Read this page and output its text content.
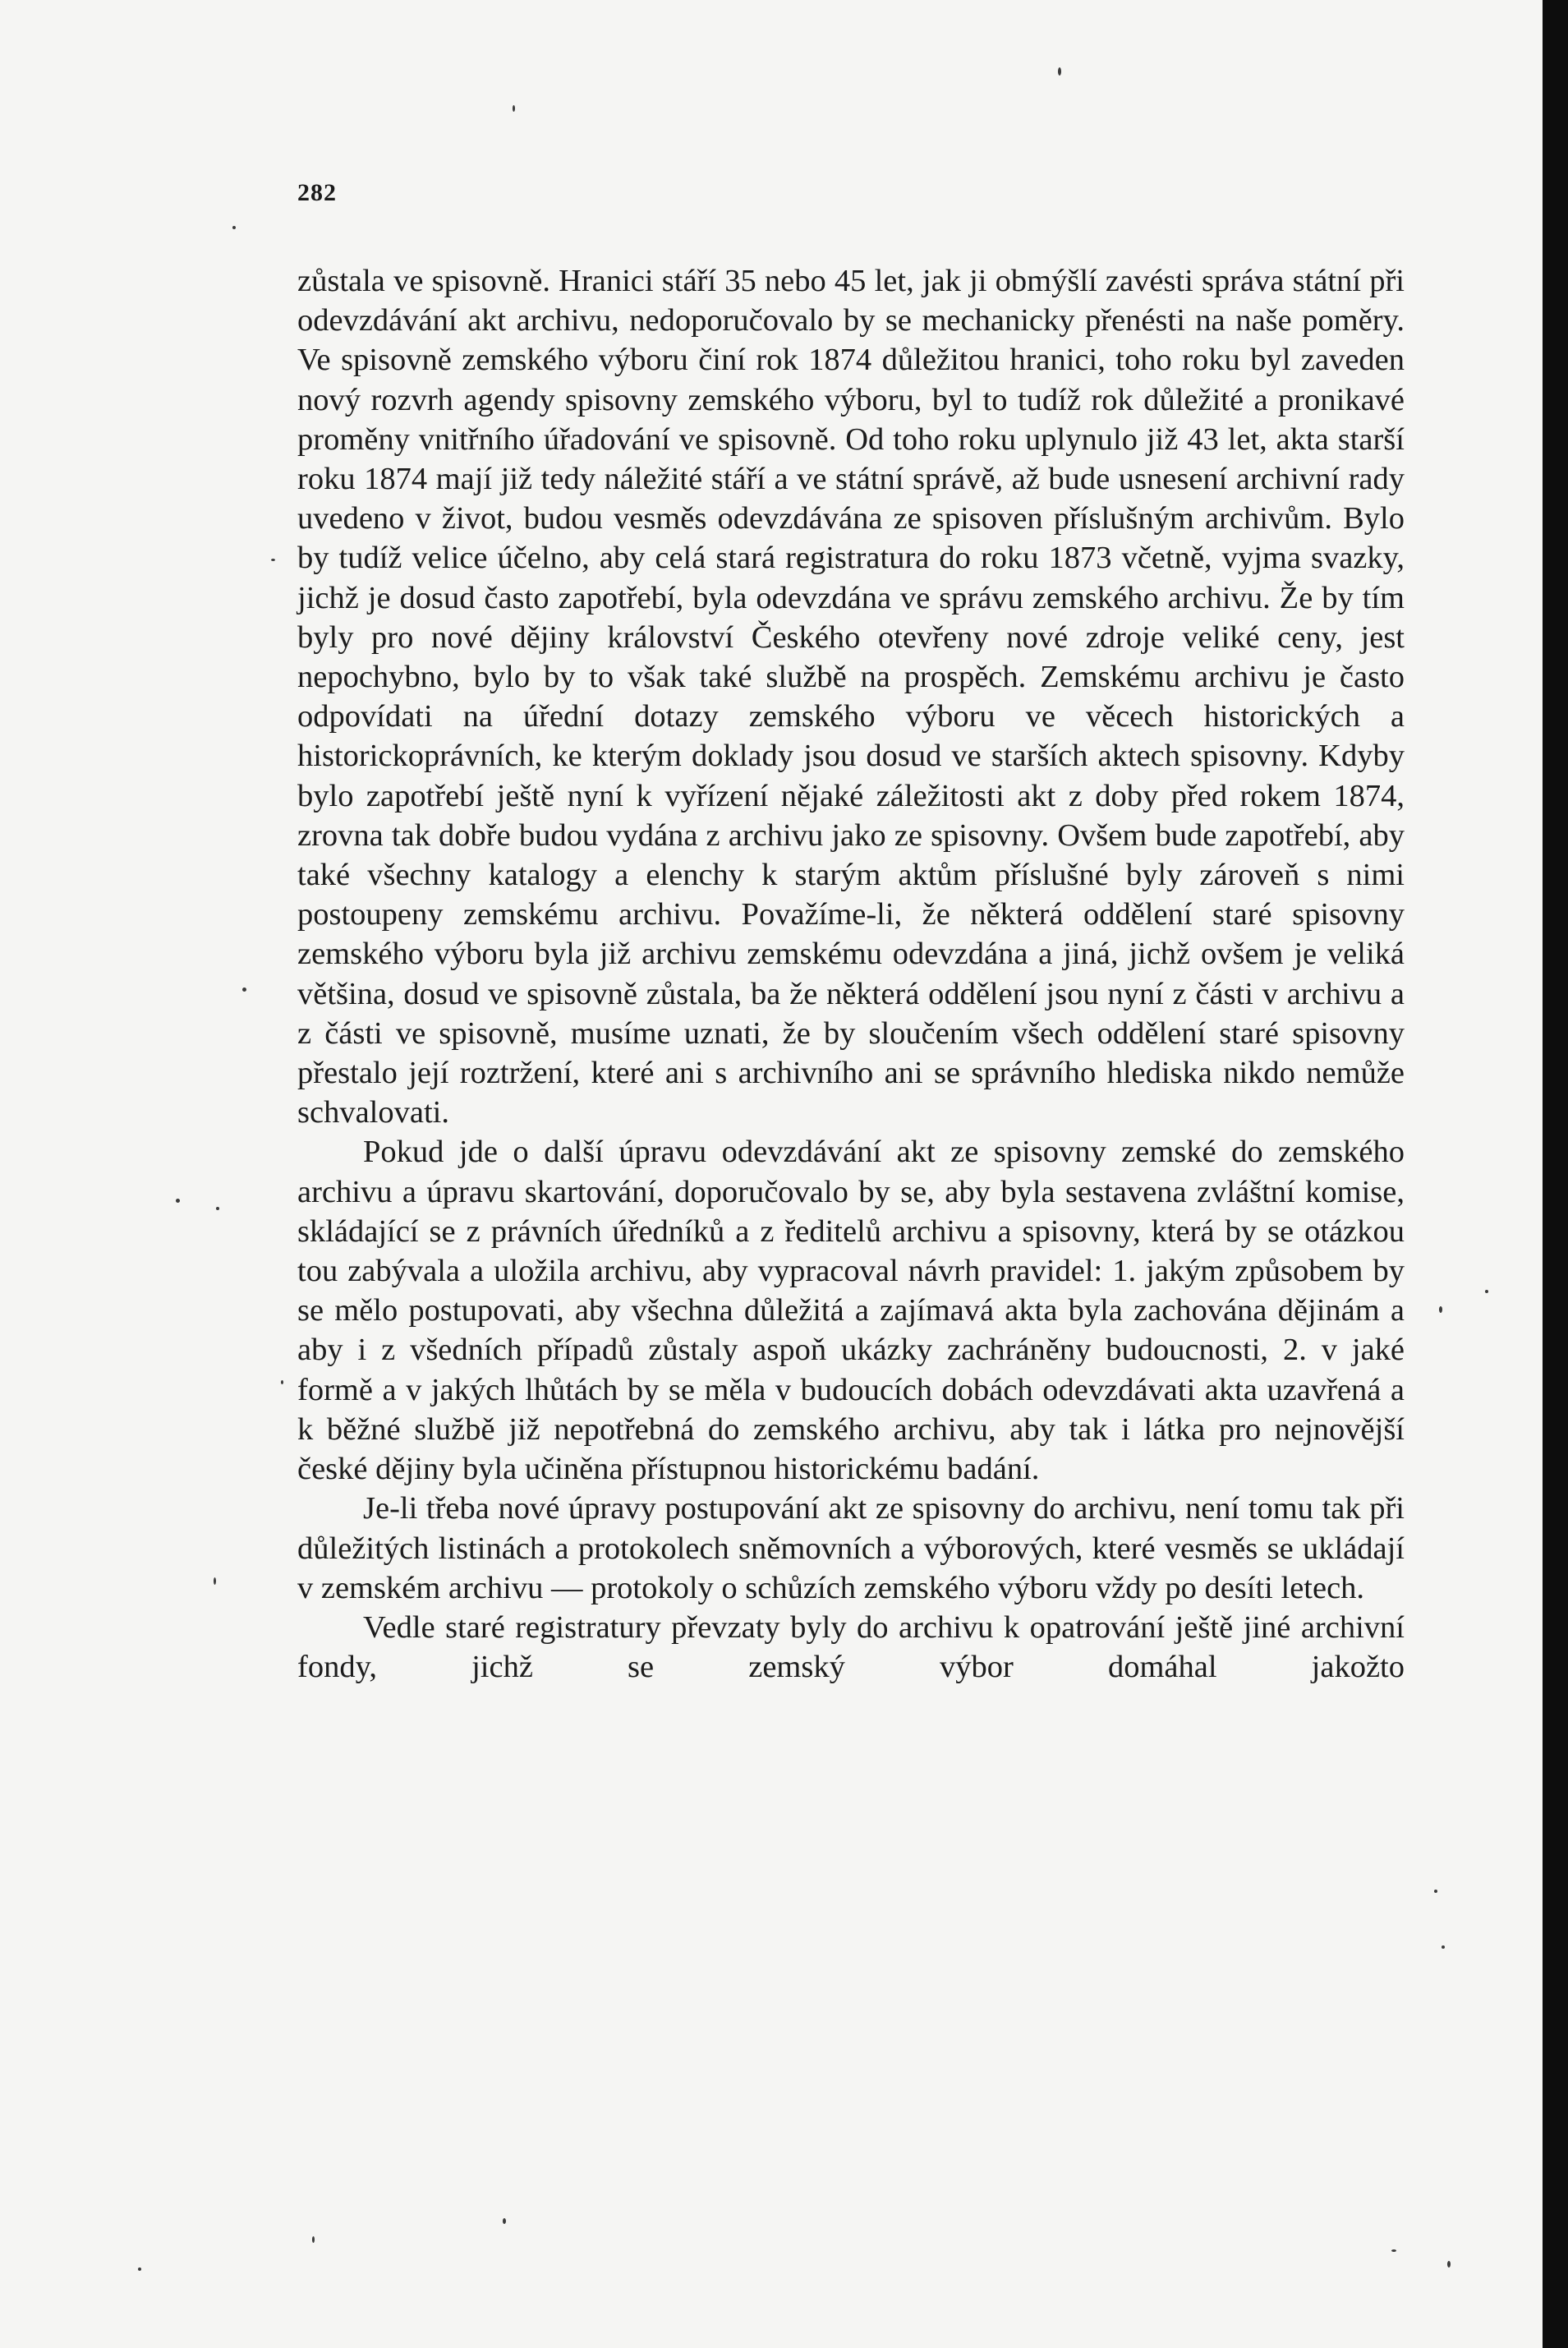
282

zůstala ve spisovně. Hranici stáří 35 nebo 45 let, jak ji obmýšlí zavésti správa státní při odevzdávání akt archivu, nedoporučovalo by se mechanicky přenésti na naše poměry. Ve spisovně zemského výboru činí rok 1874 důležitou hranici, toho roku byl zaveden nový rozvrh agendy spisovny zemského výboru, byl to tudíž rok důležité a pronikavé proměny vnitřního úřadování ve spisovně. Od toho roku uplynulo již 43 let, akta starší roku 1874 mají již tedy náležité stáří a ve státní správě, až bude usnesení archivní rady uvedeno v život, budou vesměs odevzdávána ze spisoven příslušným archivům. Bylo by tudíž velice účelno, aby celá stará registratura do roku 1873 včetně, vyjma svazky, jichž je dosud často zapotřebí, byla odevzdána ve správu zemského archivu. Že by tím byly pro nové dějiny království Českého otevřeny nové zdroje veliké ceny, jest nepochybno, bylo by to však také službě na prospěch. Zemskému archivu je často odpovídati na úřední dotazy zemského výboru ve věcech historických a historickoprávních, ke kterým doklady jsou dosud ve starších aktech spisovny. Kdyby bylo zapotřebí ještě nyní k vyřízení nějaké záležitosti akt z doby před rokem 1874, zrovna tak dobře budou vydána z archivu jako ze spisovny. Ovšem bude zapotřebí, aby také všechny katalogy a elenchy k starým aktům příslušné byly zároveň s nimi postoupeny zemskému archivu. Považíme-li, že některá oddělení staré spisovny zemského výboru byla již archivu zemskému odevzdána a jiná, jichž ovšem je veliká většina, dosud ve spisovně zůstala, ba že některá oddělení jsou nyní z části v archivu a z části ve spisovně, musíme uznati, že by sloučením všech oddělení staré spisovny přestalo její roztržení, které ani s archivního ani se správního hlediska nikdo nemůže schvalovati.

Pokud jde o další úpravu odevzdávání akt ze spisovny zemské do zemského archivu a úpravu skartování, doporučovalo by se, aby byla sestavena zvláštní komise, skládající se z právních úředníků a z ředitelů archivu a spisovny, která by se otázkou tou zabývala a uložila archivu, aby vypracoval návrh pravidel: 1. jakým způsobem by se mělo postupovati, aby všechna důležitá a zajímavá akta byla zachována dějinám a aby i z všedních případů zůstaly aspoň ukázky zachráněny budoucnosti, 2. v jaké formě a v jakých lhůtách by se měla v budoucích dobách odevzdávati akta uzavřená a k běžné službě již nepotřebná do zemského archivu, aby tak i látka pro nejnovější české dějiny byla učiněna přístupnou historickému badání.

Je-li třeba nové úpravy postupování akt ze spisovny do archivu, není tomu tak při důležitých listinách a protokolech sněmovních a výborových, které vesměs se ukládají v zemském archivu — protokoly o schůzích zemského výboru vždy po desíti letech.

Vedle staré registratury převzaty byly do archivu k opatrování ještě jiné archivní fondy, jichž se zemský výbor domáhal jakožto
